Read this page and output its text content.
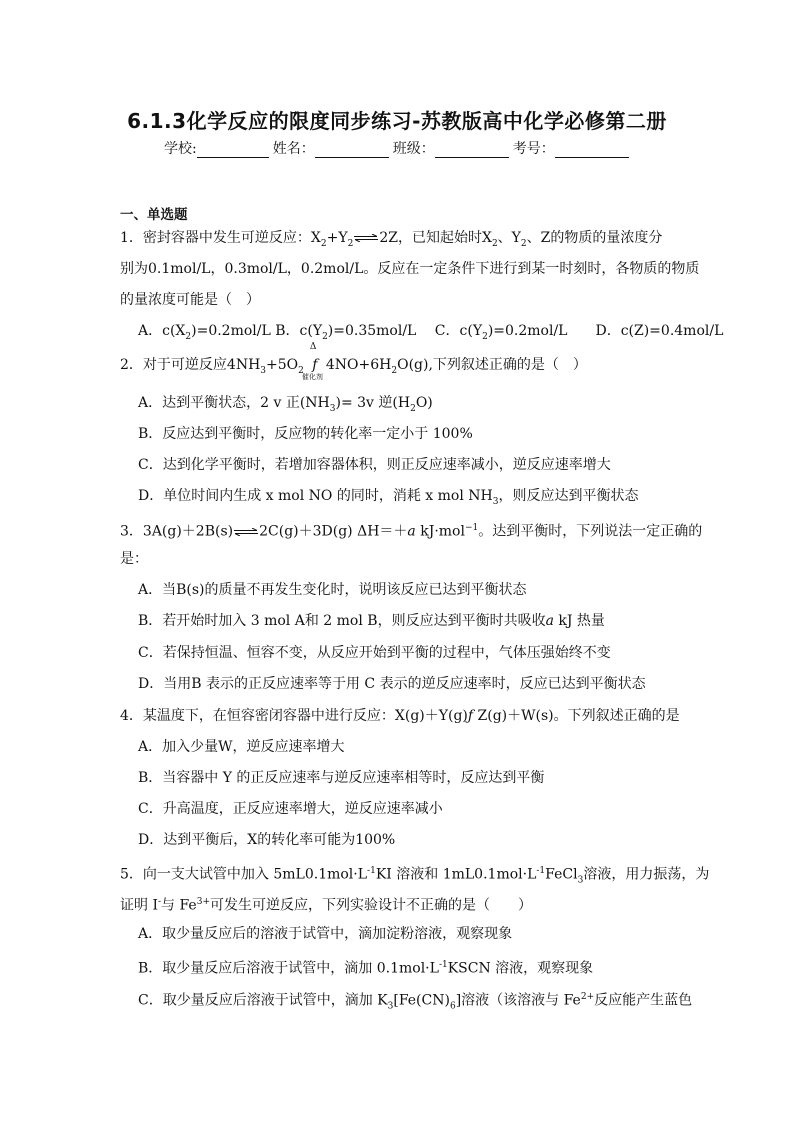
6.1.3化学反应的限度同步练习-苏教版高中化学必修第二册
学校:	姓名：	班级：	考号：
一、单选题
1．密封容器中发生可逆反应：$X_2+Y_2$ ⇌2Z，已知起始时$X_2$、$Y_2$、Z的物质的量浓度分
别为0.1mol/L，0.3mol/L，0.2mol/L。反应在一定条件下进行到某一时刻时，各物质的物质
的量浓度可能是（　）
A．$c(X_2)=0.2mol/L$ B．$c(Y_2)=0.35mol/L$　 C．$c(Y_2)=0.2mol/L$　　D．c(Z)=0.4mol/L
2．对于可逆反应$4NH_3+5O_2$
Δ
f
催化剂
$4NO+6H_2O(g)$,下列叙述正确的是（　）
A．达到平衡状态，2 v 正$(NH_3)= 3v$ 逆$(H_2O)$
B．反应达到平衡时，反应物的转化率一定小于 100%
C．达到化学平衡时，若增加容器体积，则正反应速率减小，逆反应速率增大
D．单位时间内生成 x mol NO 的同时，消耗 x mol $NH_3$，则反应达到平衡状态
3．3A(g)＋2B(s)⇌2C(g)＋3D(g) ΔH＝＋a kJ·mol$^{-1}$。达到平衡时，下列说法一定正确的
是：
A．当B(s)的质量不再发生变化时，说明该反应已达到平衡状态
B．若开始时加入 3 mol A和 2 mol B，则反应达到平衡时共吸收a kJ 热量
C．若保持恒温、恒容不变，从反应开始到平衡的过程中，气体压强始终不变
D．当用B 表示的正反应速率等于用 C 表示的逆反应速率时，反应已达到平衡状态
4．某温度下，在恒容密闭容器中进行反应：X(g)＋Y(g)ƒ Z(g)＋W(s)。下列叙述正确的是
A．加入少量W，逆反应速率增大
B．当容器中 Y 的正反应速率与逆反应速率相等时，反应达到平衡
C．升高温度，正反应速率增大，逆反应速率减小
D．达到平衡后，X的转化率可能为100%
5．向一支大试管中加入 $5mL0.1mol\cdot L^{-1}KI$ 溶液和 $1mL0.1mol\cdot L^{-1}FeCl_3$溶液，用力振荡，为
证明 I-与 $Fe^{3+}$可发生可逆反应，下列实验设计不正确的是（　　）
A．取少量反应后的溶液于试管中，滴加淀粉溶液，观察现象
B．取少量反应后溶液于试管中，滴加 $0.1mol\cdot L^{-1}KSCN$ 溶液，观察现象
C．取少量反应后溶液于试管中，滴加 $K_3[Fe(CN)_6]$溶液（该溶液与 $Fe^{2+}$反应能产生蓝色
